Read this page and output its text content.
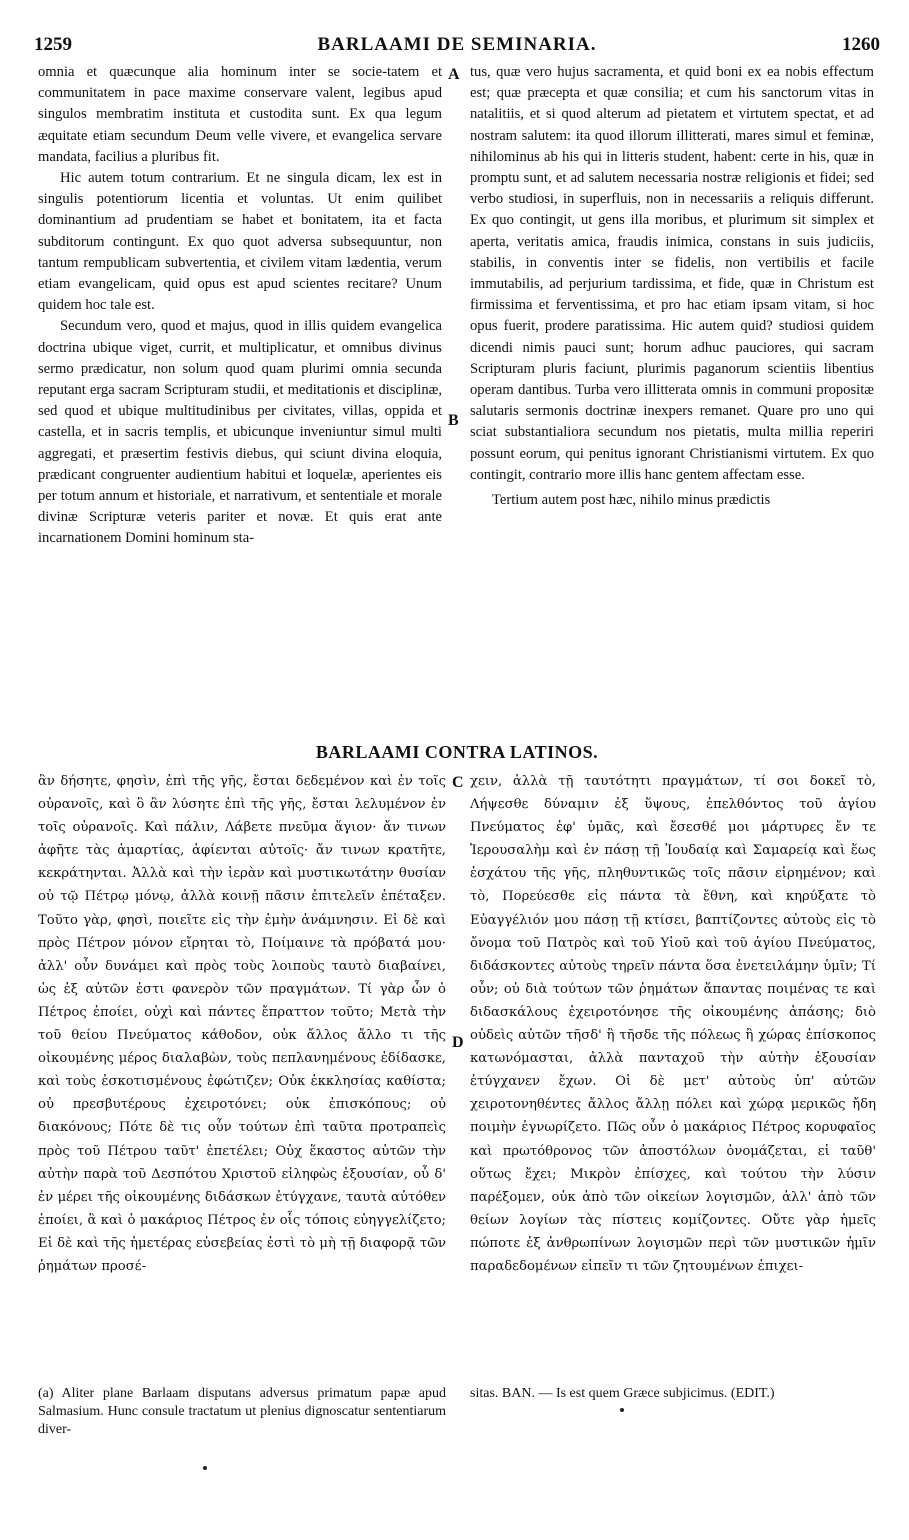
1259	BARLAAMI DE SEMINARIA.	1260

omnia et quæcunque alia hominum inter se socie-tatem et communitatem in pace maxime conservare valent, legibus apud singulos membratim instituta et custodita sunt. Ex qua legum æquitate etiam secundum Deum velle vivere, et evangelica servare mandata, facilius a pluribus fit.

Hic autem totum contrarium. Et ne singula dicam, lex est in singulis potentiorum licentia et voluntas. Ut enim quilibet dominantium ad prudentiam se habet et bonitatem, ita et facta subditorum contingunt. Ex quo quot adversa subsequuntur, non tantum rempublicam subvertentia, et civilem vitam lædentia, verum etiam evangelicam, quid opus est apud scientes recitare? Unum quidem hoc tale est.

Secundum vero, quod et majus, quod in illis quidem evangelica doctrina ubique viget, currit, et multiplicatur, et omnibus divinus sermo prædicatur, non solum quod quam plurimi omnia secunda reputant erga sacram Scripturam studii, et meditationis et disciplinæ, sed quod et ubique multitudinibus per civitates, villas, oppida et castella, et in sacris templis, et ubicunque inveniuntur simul multi aggregati, et præsertim festivis diebus, qui sciunt divina eloquia, prædicant congruenter audientium habitui et loquelæ, aperientes eis per totum annum et historiale, et narrativum, et sententiale et morale divinæ Scripturæ veteris pariter et novæ. Et quis erat ante incarnationem Domini hominum sta-

A
B

tus, quæ vero hujus sacramenta, et quid boni ex ea nobis effectum est; quæ præcepta et quæ consilia; et cum his sanctorum vitas in natalitiis, et si quod alterum ad pietatem et virtutem spectat, et ad nostram salutem: ita quod illorum illitterati, mares simul et feminæ, nihilominus ab his qui in litteris student, habent: certe in his, quæ in promptu sunt, et ad salutem necessaria nostræ religionis et fidei; sed verbo studiosi, in superfluis, non in necessariis a reliquis differunt. Ex quo contingit, ut gens illa moribus, et plurimum sit simplex et aperta, veritatis amica, fraudis inimica, constans in suis judiciis, stabilis, in conventis inter se fidelis, non vertibilis et facile immutabilis, ad perjurium tardissima, et fide, quæ in Christum est firmissima et ferventissima, et pro hac etiam ipsam vitam, si hoc opus fuerit, prodere paratissima. Hic autem quid? studiosi quidem dicendi nimis pauci sunt; horum adhuc pauciores, qui sacram Scripturam pluris faciunt, plurimis paganorum scientiis libentius operam dantibus. Turba vero illitterata omnis in communi propositæ salutaris sermonis doctrinæ inexpers remanet. Quare pro uno qui sciat substantialiora secundum nos pietatis, multa millia reperiri possunt eorum, qui penitus ignorant Christianismi virtutem. Ex quo contingit, contrario more illis hanc gentem affectam esse.

Tertium autem post hæc, nihilo minus prædictis

BARLAAMI CONTRA LATINOS.

ἂν δήσητε, φησὶν, ἐπὶ τῆς γῆς, ἔσται δεδεμένον καὶ ἐν τοῖς οὐρανοῖς, καὶ ὃ ἂν λύσητε ἐπὶ τῆς γῆς, ἔσται λελυμένον ἐν τοῖς οὐρανοῖς. Καὶ πάλιν, Λάβετε πνεῦμα ἅγιον· ἄν τινων ἀφῆτε τὰς ἁμαρτίας, ἀφίενται αὐτοῖς· ἄν τινων κρατῆτε, κεκράτηνται. Ἀλλὰ καὶ τὴν ἱερὰν καὶ μυστικωτάτην θυσίαν οὐ τῷ Πέτρῳ μόνῳ, ἀλλὰ κοινῇ πᾶσιν ἐπιτελεῖν ἐπέταξεν. Τοῦτο γὰρ, φησὶ, ποιεῖτε εἰς τὴν ἐμὴν ἀνάμνησιν. Εἰ δὲ καὶ πρὸς Πέτρον μόνον εἴρηται τὸ, Ποίμαινε τὰ πρόβατά μου· ἀλλ' οὖν δυνάμει καὶ πρὸς τοὺς λοιποὺς ταυτὸ διαβαίνει, ὡς ἐξ αὐτῶν ἐστι φανερὸν τῶν πραγμάτων. Τί γὰρ ὧν ὁ Πέτρος ἐποίει, οὐχὶ καὶ πάντες ἔπραττον τοῦτο; Μετὰ τὴν τοῦ θείου Πνεύματος κάθοδον, οὐκ ἄλλος ἄλλο τι τῆς οἰκουμένης μέρος διαλαβὼν, τοὺς πεπλανημένους ἐδίδασκε, καὶ τοὺς ἐσκοτισμένους ἐφώτιζεν; Οὐκ ἐκκλησίας καθίστα; οὐ πρεσβυτέρους ἐχειροτόνει; οὐκ ἐπισκόπους; οὐ διακόνους; Πότε δὲ τις οὖν τούτων ἐπὶ ταῦτα προτραπεὶς πρὸς τοῦ Πέτρου ταῦτ' ἐπετέλει; Οὐχ ἕκαστος αὐτῶν τὴν αὐτὴν παρὰ τοῦ Δεσπότου Χριστοῦ εἰληφὼς ἐξουσίαν, οὗ δ' ἐν μέρει τῆς οἰκουμένης διδάσκων ἐτύγχανε, ταυτὰ αὐτόθεν ἐποίει, ἃ καὶ ὁ μακάριος Πέτρος ἐν οἷς τόποις εὐηγγελίζετο; Εἰ δὲ καὶ τῆς ἡμετέρας εὐσεβείας ἐστὶ τὸ μὴ τῇ διαφορᾷ τῶν ῥημάτων προσέ-

C
D

χειν, ἀλλὰ τῇ ταυτότητι πραγμάτων, τί σοι δοκεῖ τὸ, Λήψεσθε δύναμιν ἐξ ὕψους, ἐπελθόντος τοῦ ἁγίου Πνεύματος ἐφ' ὑμᾶς, καὶ ἔσεσθέ μοι μάρτυρες ἔν τε Ἱερουσαλὴμ καὶ ἐν πάσῃ τῇ Ἰουδαίᾳ καὶ Σαμαρείᾳ καὶ ἕως ἐσχάτου τῆς γῆς, πληθυντικῶς τοῖς πᾶσιν εἰρημένον; καὶ τὸ, Πορεύεσθε εἰς πάντα τὰ ἔθνη, καὶ κηρύξατε τὸ Εὐαγγέλιόν μου πάσῃ τῇ κτίσει, βαπτίζοντες αὐτοὺς εἰς τὸ ὄνομα τοῦ Πατρὸς καὶ τοῦ Υἱοῦ καὶ τοῦ ἁγίου Πνεύματος, διδάσκοντες αὐτοὺς τηρεῖν πάντα ὅσα ἐνετειλάμην ὑμῖν; Τί οὖν; οὐ διὰ τούτων τῶν ῥημάτων ἅπαντας ποιμένας τε καὶ διδασκάλους ἐχειροτόνησε τῆς οἰκουμένης ἁπάσης; διὸ οὐδεὶς αὐτῶν τῆσδ' ἢ τῆσδε τῆς πόλεως ἢ χώρας ἐπίσκοπος κατωνόμασται, ἀλλὰ πανταχοῦ τὴν αὐτὴν ἐξουσίαν ἐτύγχανεν ἔχων. Οἱ δὲ μετ' αὐτοὺς ὑπ' αὐτῶν χειροτονηθέντες ἄλλος ἄλλῃ πόλει καὶ χώρᾳ μερικῶς ἤδη ποιμὴν ἐγνωρίζετο. Πῶς οὖν ὁ μακάριος Πέτρος κορυφαῖος καὶ πρωτόθρονος τῶν ἀποστόλων ὀνομάζεται, εἰ ταῦθ' οὕτως ἔχει; Μικρὸν ἐπίσχες, καὶ τούτου τὴν λύσιν παρέξομεν, οὐκ ἀπὸ τῶν οἰκείων λογισμῶν, ἀλλ' ἀπὸ τῶν θείων λογίων τὰς πίστεις κομίζοντες. Οὔτε γὰρ ἡμεῖς πώποτε ἐξ ἀνθρωπίνων λογισμῶν περὶ τῶν μυστικῶν ἡμῖν παραδεδομένων εἰπεῖν τι τῶν ζητουμένων ἐπιχει-

(a) Aliter plane Barlaam disputans adversus primatum papæ apud Salmasium. Hunc consule tractatum ut plenius dignoscatur sententiarum diver-
sitas. BAN. — Is est quem Græce subjicimus. (EDIT.)
